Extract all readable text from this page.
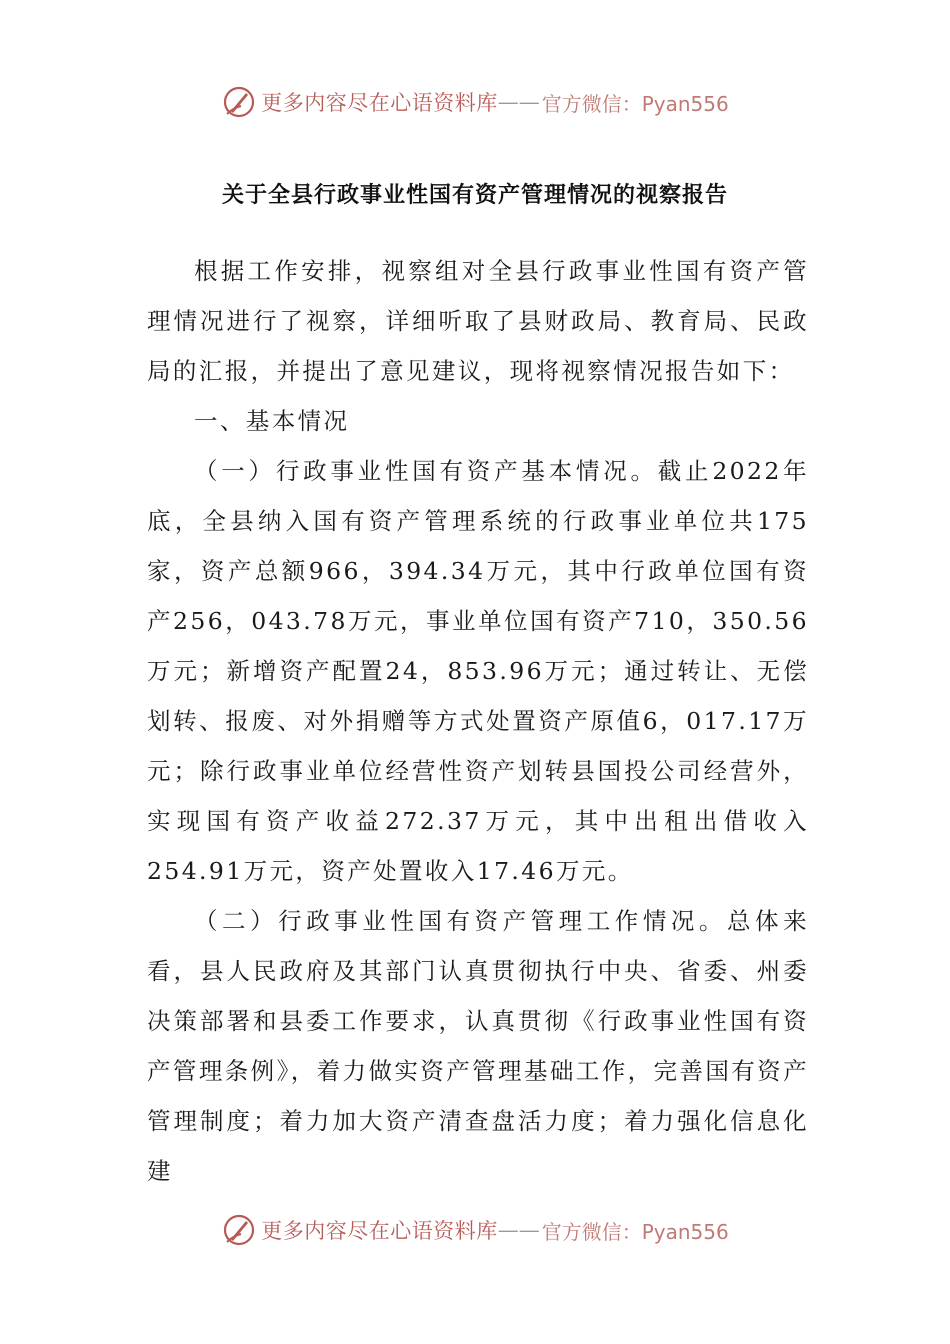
更多内容尽在心语资料库 —— 官方微信：Pyan556
关于全县行政事业性国有资产管理情况的视察报告

根据工作安排，视察组对全县行政事业性国有资产管理情况进行了视察，详细听取了县财政局、教育局、民政局的汇报，并提出了意见建议，现将视察情况报告如下：

一、基本情况

（一）行政事业性国有资产基本情况。截止2022年底，全县纳入国有资产管理系统的行政事业单位共175家，资产总额966，394.34万元，其中行政单位国有资产256，043.78万元，事业单位国有资产710，350.56万元；新增资产配置24，853.96万元；通过转让、无偿划转、报废、对外捐赠等方式处置资产原值6，017.17万元；除行政事业单位经营性资产划转县国投公司经营外，实现国有资产收益272.37万元，其中出租出借收入254.91万元，资产处置收入17.46万元。

（二）行政事业性国有资产管理工作情况。总体来看，县人民政府及其部门认真贯彻执行中央、省委、州委决策部署和县委工作要求，认真贯彻《行政事业性国有资产管理条例》，着力做实资产管理基础工作，完善国有资产管理制度；着力加大资产清查盘活力度；着力强化信息化建

更多内容尽在心语资料库 —— 官方微信：Pyan556
